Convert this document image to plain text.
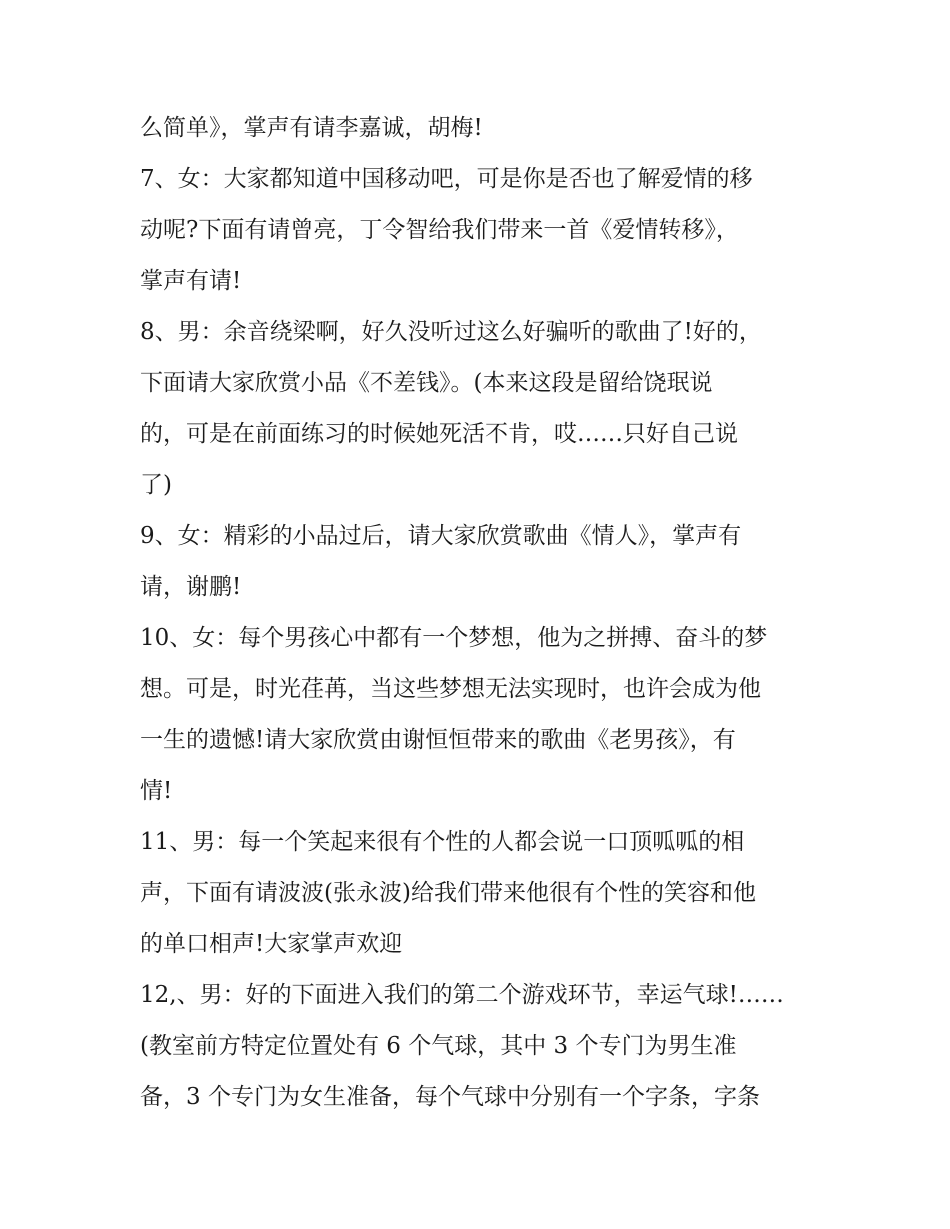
么简单》，掌声有请李嘉诚，胡梅!
7、女：大家都知道中国移动吧，可是你是否也了解爱情的移
动呢?下面有请曾亮，丁令智给我们带来一首《爱情转移》，
掌声有请!
8、男：余音绕梁啊，好久没听过这么好骗听的歌曲了!好的，
下面请大家欣赏小品《不差钱》。(本来这段是留给饶珉说
的，可是在前面练习的时候她死活不肯，哎……只好自己说
了)
9、女：精彩的小品过后，请大家欣赏歌曲《情人》，掌声有
请，谢鹏!
10、女：每个男孩心中都有一个梦想，他为之拼搏、奋斗的梦
想。可是，时光荏苒，当这些梦想无法实现时，也许会成为他
一生的遗憾!请大家欣赏由谢恒恒带来的歌曲《老男孩》，有
情!
11、男：每一个笑起来很有个性的人都会说一口顶呱呱的相
声，下面有请波波(张永波)给我们带来他很有个性的笑容和他
的单口相声!大家掌声欢迎
12,、男：好的下面进入我们的第二个游戏环节，幸运气球!……
(教室前方特定位置处有 6 个气球，其中 3 个专门为男生准
备，3 个专门为女生准备，每个气球中分别有一个字条，字条
